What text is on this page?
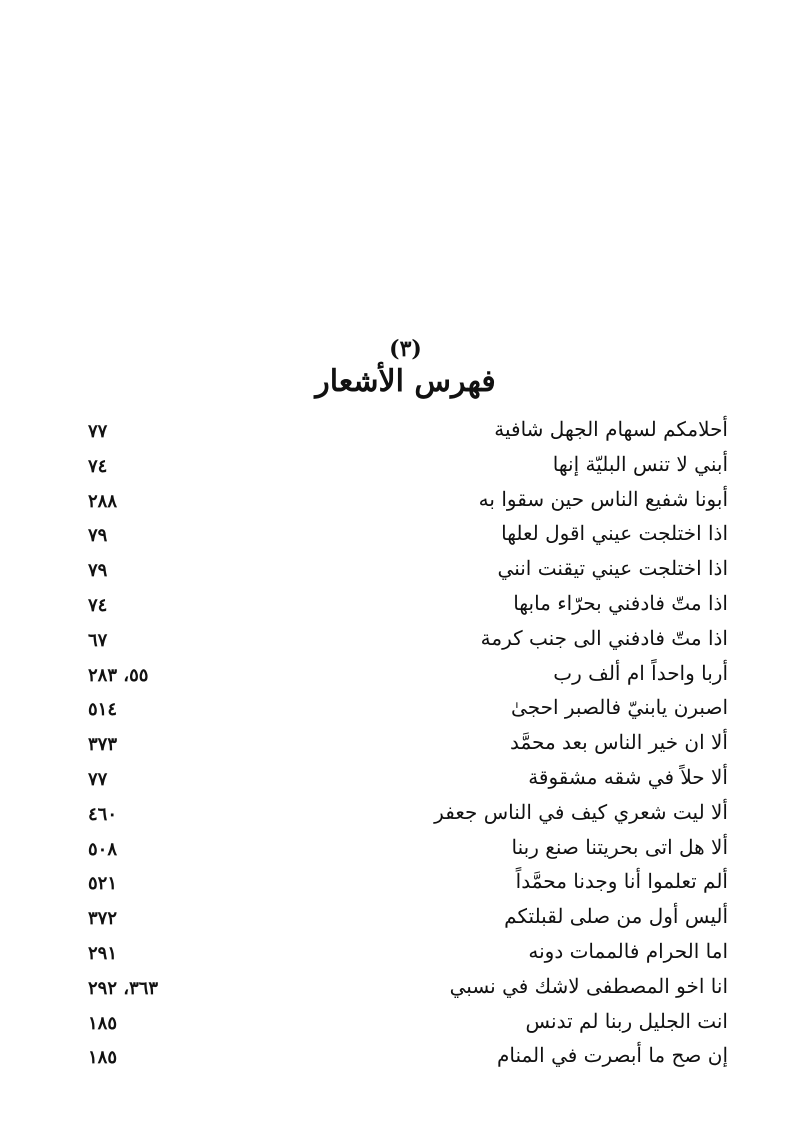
(٣)
فهرس الأشعار
أحلامكم لسهام الجهل شافية
٧٧
أبني لا تنس البليّة إنها
٧٤
أبونا شفيع الناس حين سقوا به
٢٨٨
اذا اختلجت عيني اقول لعلها
٧٩
اذا اختلجت عيني تيقنت انني
٧٩
اذا متّ فادفني بحرّاء مابها
٧٤
اذا متّ فادفني الى جنب كرمة
٦٧
أربا واحداً ام ألف رب
٥٥، ٢٨٣
اصبرن يابنيّ فالصبر احجىٰ
٥١٤
ألا ان خير الناس بعد محمَّد
٣٧٣
ألا حلاً في شقه مشقوقة
٧٧
ألا ليت شعري كيف في الناس جعفر
٤٦٠
ألا هل اتى بحريتنا صنع ربنا
٥٠٨
ألم تعلموا أنا وجدنا محمَّداً
٥٢١
أليس أول من صلى لقبلتكم
٣٧٢
اما الحرام فالممات دونه
٢٩١
انا اخو المصطفى لاشك في نسبي
٣٦٣، ٢٩٢
انت الجليل ربنا لم تدنس
١٨٥
إن صح ما أبصرت في المنام
١٨٥
